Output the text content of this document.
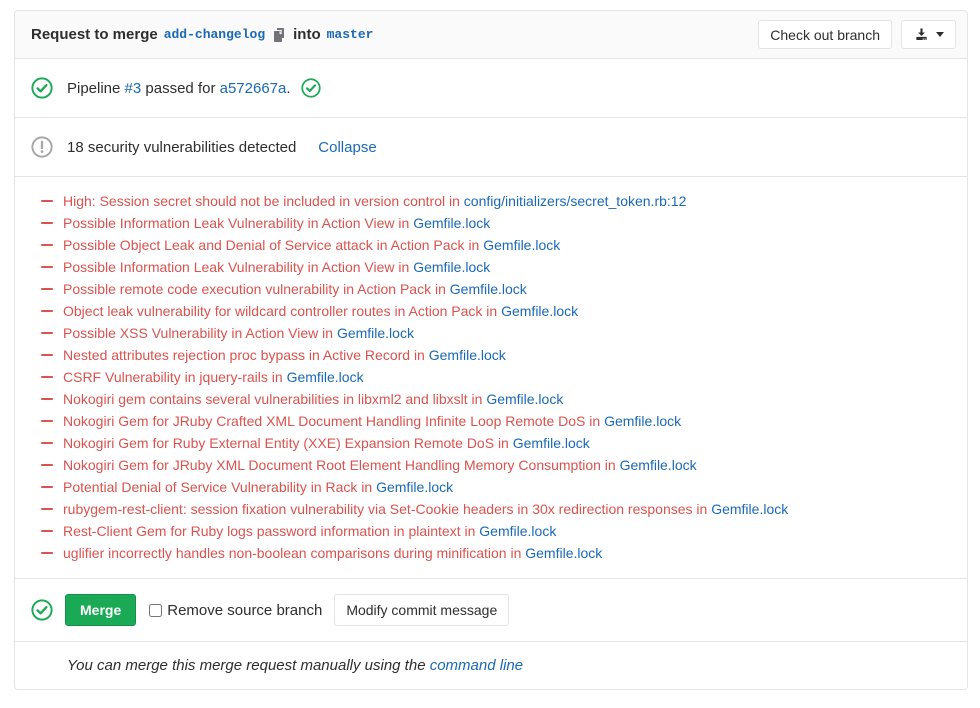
Request to merge add-changelog into master	Check out branch
Pipeline #3 passed for a572667a.
18 security vulnerabilities detected Collapse
High: Session secret should not be included in version control in config/initializers/secret_token.rb:12
Possible Information Leak Vulnerability in Action View in Gemfile.lock
Possible Object Leak and Denial of Service attack in Action Pack in Gemfile.lock
Possible Information Leak Vulnerability in Action View in Gemfile.lock
Possible remote code execution vulnerability in Action Pack in Gemfile.lock
Object leak vulnerability for wildcard controller routes in Action Pack in Gemfile.lock
Possible XSS Vulnerability in Action View in Gemfile.lock
Nested attributes rejection proc bypass in Active Record in Gemfile.lock
CSRF Vulnerability in jquery-rails in Gemfile.lock
Nokogiri gem contains several vulnerabilities in libxml2 and libxslt in Gemfile.lock
Nokogiri Gem for JRuby Crafted XML Document Handling Infinite Loop Remote DoS in Gemfile.lock
Nokogiri Gem for Ruby External Entity (XXE) Expansion Remote DoS in Gemfile.lock
Nokogiri Gem for JRuby XML Document Root Element Handling Memory Consumption in Gemfile.lock
Potential Denial of Service Vulnerability in Rack in Gemfile.lock
rubygem-rest-client: session fixation vulnerability via Set-Cookie headers in 30x redirection responses in Gemfile.lock
Rest-Client Gem for Ruby logs password information in plaintext in Gemfile.lock
uglifier incorrectly handles non-boolean comparisons during minification in Gemfile.lock
Merge	Remove source branch	Modify commit message
You can merge this merge request manually using the command line
